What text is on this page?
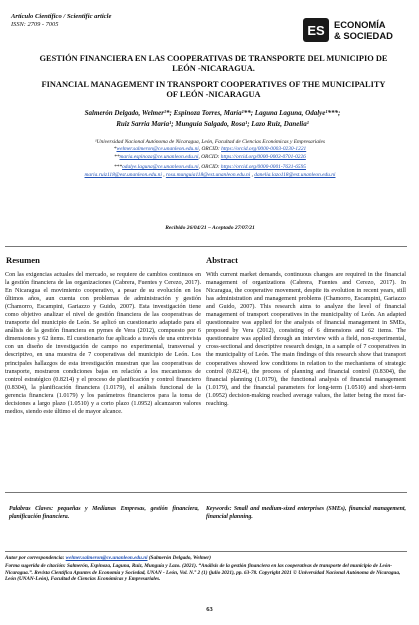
Artículo Científico / Scientific article
ISSN: 2709 - 7005	ES ECONOMÍA
& SOCIEDAD
GESTIÓN FINANCIERA EN LAS COOPERATIVAS DE TRANSPORTE DEL MUNICIPIO DE LEÓN -NICARAGUA.
FINANCIAL MANAGEMENT IN TRANSPORT COOPERATIVES OF THE MUNICIPALITY OF LEÓN -NICARAGUA
Salmerón Delgado, Welmer¹*; Espinoza Torres, María¹**; Laguna Laguna, Odalye¹***;
Ruiz Sarria María¹; Munguía Salgado, Rosa¹; Lazo Ruiz, Danelia¹
¹Universidad Nacional Autónoma de Nicaragua, León, Facultad de Ciencias Económicas y Empresariales
*welmer.salmeron@ce.unanleon.edu.ni, ORCID: https://orcid.org/0000-0003-0230-1221
**maria.espinoza@ce.unanleon.edu.ni, ORCID: https://orcid.org/0000-0003-0701-0226
***odalye.laguna@ce.unanleon.edu.ni, ORCID: https://orcid.org/0000-0001-7631-6595
maria.ruiz118@est.unanleon.edu.ni , rosa.munguia118@est.unanleon.edu.ni , danelia.lazo118@est.unanleon.edu.ni
Recibido 26/04/21 – Aceptado 27/07/21
Resumen
Con las exigencias actuales del mercado, se requiere de cambios continuos en la gestión financiera de las organizaciones (Cabrera, Fuentes y Cerezo, 2017). En Nicaragua el movimiento cooperativo, a pesar de su evolución en los últimos años, aun cuenta con problemas de administración y gestión (Chamorro, Escampini, Gariazzo y Guido, 2007). Esta investigación tiene como objetivo analizar el nivel de gestión financiera de las cooperativas de transporte del municipio de León. Se aplicó un cuestionario adaptado para el análisis de la gestión financiera en pymes de Vera (2012), compuesto por 6 dimensiones y 62 ítems. El cuestionario fue aplicado a través de una entrevista con un diseño de investigación de campo no experimental, transversal y descriptivo, en una muestra de 7 cooperativas del municipio de León. Los principales hallazgos de esta investigación muestran que las cooperativas de transporte, mostraron condiciones bajas en relación a los mecanismos de control estratégico (0.8214) y el proceso de planificación y control financiero (0.8304), la planificación financiera (1.0179), el análisis funcional de la gerencia financiera (1.0179) y los parámetros financieros para la toma de decisiones a largo plazo (1.0510) y a corto plazo (1.0952) alcanzaron valores medios, siendo este último el de mayor alcance.
Abstract
With current market demands, continuous changes are required in the financial management of organizations (Cabrera, Fuentes and Cerezo, 2017). In Nicaragua, the cooperative movement, despite its evolution in recent years, still has administration and management problems (Chamorro, Escampini, Gariazzo and Guido, 2007). This research aims to analyze the level of financial management of transport cooperatives in the municipality of León. An adapted questionnaire was applied for the analysis of financial management in SMEs, proposed by Vera (2012), consisting of 6 dimensions and 62 items. The questionnaire was applied through an interview with a field, non-experimental, cross-sectional and descriptive research design, in a sample of 7 cooperatives in the municipality of León. The main findings of this research show that transport cooperatives showed low conditions in relation to the mechanisms of strategic control (0.8214), the process of planning and financial control (0.8304), the financial planning (1.0179), the functional analysis of financial management (1.0179), and the financial parameters for long-term (1.0510) and short-term (1.0952) decision-making reached average values, the latter being the most far-reaching.
Palabras Claves: pequeñas y Medianas Empresas, gestión financiera, planificación financiera.
Keywords: Small and medium-sized enterprises (SMEs), financial management, financial planning.
Autor por correspondencia: welmer.salmeron@ce.unanleon.edu.ni (Salmerón Delgado, Welmer)
Forma sugerida de citación: Salmerón, Espinoza, Laguna, Ruiz, Munguía y Lazo. (2021). “Análisis de la gestión financiera en las cooperativas de transporte del municipio de León-Nicaragua.”. Revista Científica Apuntes de Economía y Sociedad, UNAN - León, Vol. N.° 2 (1) (julio 2021), pp. 63-78. Copyright 2021 © Universidad Nacional Autónoma de Nicaragua, León (UNAN-León), Facultad de Ciencias Económicas y Empresariales.
63
